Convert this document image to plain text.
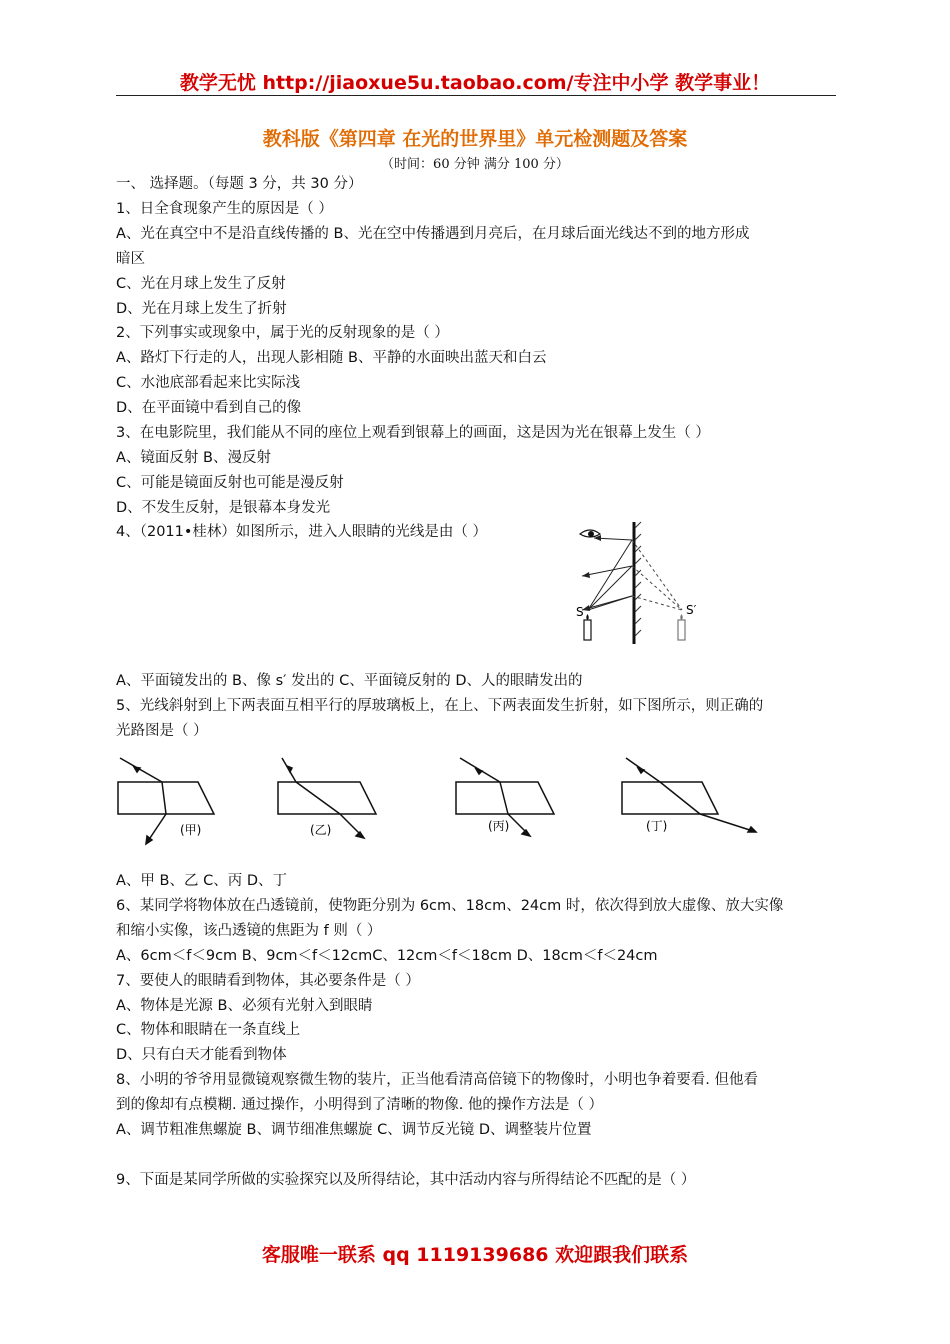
教学无忧 http://jiaoxue5u.taobao.com/专注中小学 教学事业！
教科版《第四章 在光的世界里》单元检测题及答案
（时间：60 分钟 满分 100 分）
一、 选择题。（每题 3 分，共 30 分）
1、日全食现象产生的原因是（ ）
A、光在真空中不是沿直线传播的 B、光在空中传播遇到月亮后，在月球后面光线达不到的地方形成
暗区
C、光在月球上发生了反射
D、光在月球上发生了折射
2、下列事实或现象中，属于光的反射现象的是（ ）
A、路灯下行走的人，出现人影相随 B、平静的水面映出蓝天和白云
C、水池底部看起来比实际浅
D、在平面镜中看到自己的像
3、在电影院里，我们能从不同的座位上观看到银幕上的画面，这是因为光在银幕上发生（ ）
A、镜面反射 B、漫反射
C、可能是镜面反射也可能是漫反射
D、不发生反射，是银幕本身发光
4、（2011•桂林）如图所示，进入人眼睛的光线是由（ ）
S	S′
A、平面镜发出的 B、像 s′ 发出的 C、平面镜反射的 D、人的眼睛发出的
5、光线斜射到上下两表面互相平行的厚玻璃板上，在上、下两表面发生折射，如下图所示，则正确的
光路图是（ ）
(甲)	(乙)	(丙)	(丁)
A、甲 B、乙 C、丙 D、丁
6、某同学将物体放在凸透镜前，使物距分别为 6cm、18cm、24cm 时，依次得到放大虚像、放大实像
和缩小实像，该凸透镜的焦距为 f 则（ ）
A、6cm＜f＜9cm B、9cm＜f＜12cmC、12cm＜f＜18cm D、18cm＜f＜24cm
7、要使人的眼睛看到物体，其必要条件是（ ）
A、物体是光源 B、必须有光射入到眼睛
C、物体和眼睛在一条直线上
D、只有白天才能看到物体
8、小明的爷爷用显微镜观察微生物的装片，正当他看清高倍镜下的物像时，小明也争着要看. 但他看
到的像却有点模糊. 通过操作，小明得到了清晰的物像. 他的操作方法是（ ）
A、调节粗准焦螺旋 B、调节细准焦螺旋 C、调节反光镜 D、调整装片位置
9、下面是某同学所做的实验探究以及所得结论，其中活动内容与所得结论不匹配的是（ ）
客服唯一联系 qq 1119139686 欢迎跟我们联系
